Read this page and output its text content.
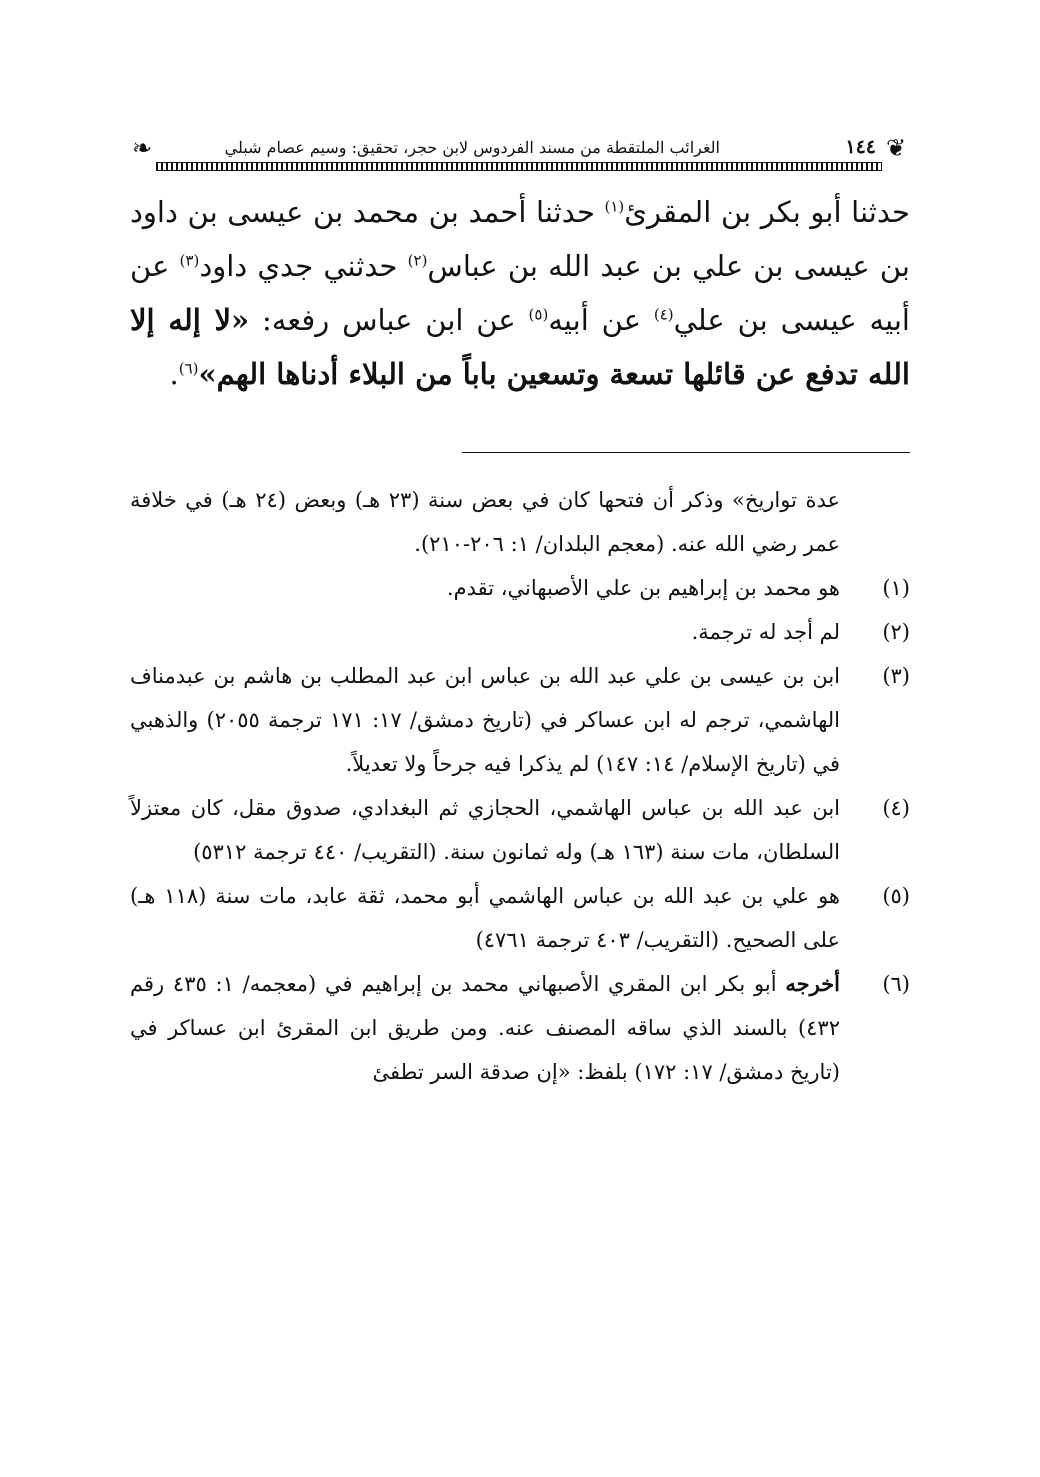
❦
١٤٤
الغرائب الملتقطة من مسند الفردوس لابن حجر، تحقيق: وسيم عصام شبلي
❧
حدثنا أبو بكر بن المقرئ$^{(١)}$ حدثنا أحمد بن محمد بن عيسى بن داود بن عيسى بن علي بن عبد الله بن عباس$^{(٢)}$ حدثني جدي داود$^{(٣)}$ عن أبيه عيسى بن علي$^{(٤)}$ عن أبيه$^{(٥)}$ عن ابن عباس رفعه: «لا إله إلا الله تدفع عن قائلها تسعة وتسعين باباً من البلاء أدناها الهم»$^{(٦)}$.
عدة تواريخ» وذكر أن فتحها كان في بعض سنة (٢٣ هـ) وبعض (٢٤ هـ) في خلافة عمر رضي الله عنه. (معجم البلدان/ ١: ٢٠٦-٢١٠).
(١)
هو محمد بن إبراهيم بن علي الأصبهاني، تقدم.
(٢)
لم أجد له ترجمة.
(٣)
ابن بن عيسى بن علي عبد الله بن عباس ابن عبد المطلب بن هاشم بن عبدمناف الهاشمي، ترجم له ابن عساكر في (تاريخ دمشق/ ١٧: ١٧١ ترجمة ٢٠٥٥) والذهبي في (تاريخ الإسلام/ ١٤: ١٤٧) لم يذكرا فيه جرحاً ولا تعديلاً.
(٤)
ابن عبد الله بن عباس الهاشمي، الحجازي ثم البغدادي، صدوق مقل، كان معتزلاً السلطان، مات سنة (١٦٣ هـ) وله ثمانون سنة. (التقريب/ ٤٤٠ ترجمة ٥٣١٢)
(٥)
هو علي بن عبد الله بن عباس الهاشمي أبو محمد، ثقة عابد، مات سنة (١١٨ هـ) على الصحيح. (التقريب/ ٤٠٣ ترجمة ٤٧٦١)
(٦)
أخرجه أبو بكر ابن المقري الأصبهاني محمد بن إبراهيم في (معجمه/ ١: ٤٣٥ رقم ٤٣٢) بالسند الذي ساقه المصنف عنه. ومن طريق ابن المقرئ ابن عساكر في (تاريخ دمشق/ ١٧: ١٧٢) بلفظ: «إن صدقة السر تطفئ
